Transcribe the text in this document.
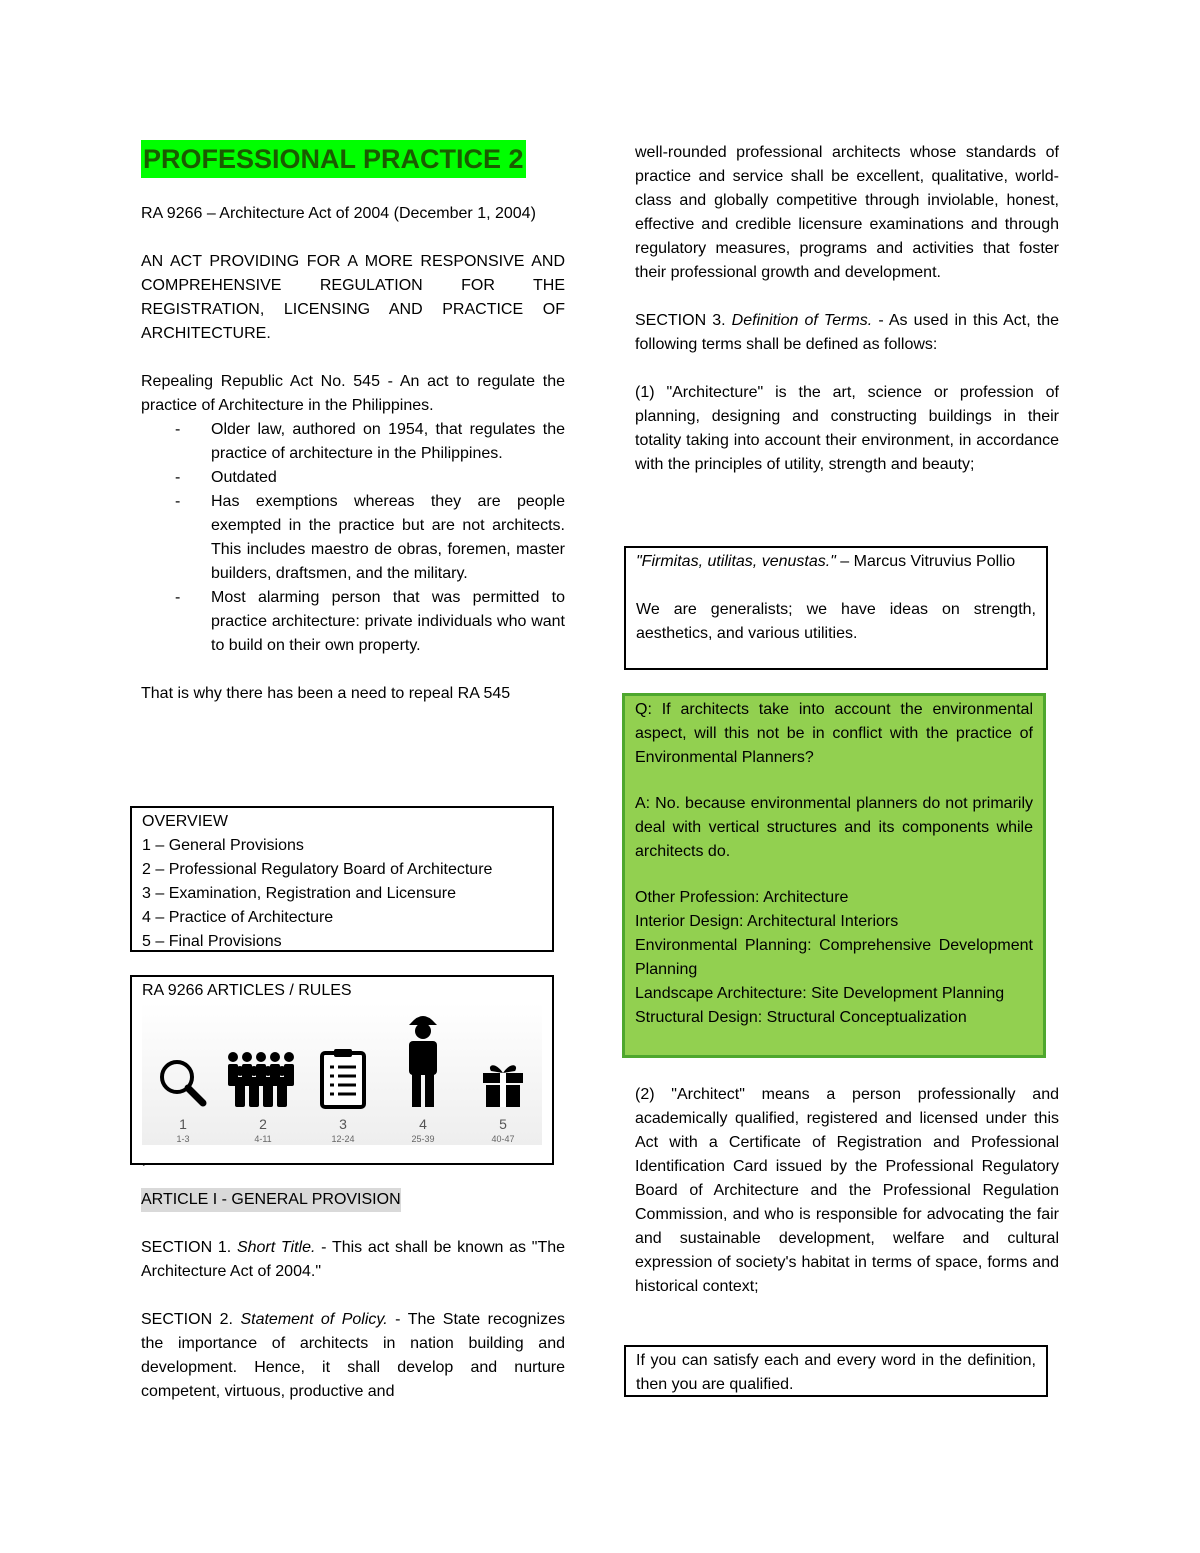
PROFESSIONAL PRACTICE 2

RA 9266 – Architecture Act of 2004 (December 1, 2004)

AN ACT PROVIDING FOR A MORE RESPONSIVE AND COMPREHENSIVE REGULATION FOR THE REGISTRATION, LICENSING AND PRACTICE OF ARCHITECTURE.

Repealing Republic Act No. 545 - An act to regulate the practice of Architecture in the Philippines.

- Older law, authored on 1954, that regulates the practice of architecture in the Philippines.
- Outdated
- Has exemptions whereas they are people exempted in the practice but are not architects. This includes maestro de obras, foremen, master builders, draftsmen, and the military.
- Most alarming person that was permitted to practice architecture: private individuals who want to build on their own property.

That is why there has been a need to repeal RA 545

OVERVIEW
1 – General Provisions
2 – Professional Regulatory Board of Architecture
3 – Examination, Registration and Licensure
4 – Practice of Architecture
5 – Final Provisions
RA 9266 ARTICLES / RULES
1
1-3
2
4-11
3
12-24
4
25-39
5
40-47
`

ARTICLE I - GENERAL PROVISION

SECTION 1. Short Title. - This act shall be known as "The Architecture Act of 2004."

SECTION 2. Statement of Policy. - The State recognizes the importance of architects in nation building and development. Hence, it shall develop and nurture competent, virtuous, productive and

well-rounded professional architects whose standards of practice and service shall be excellent, qualitative, world-class and globally competitive through inviolable, honest, effective and credible licensure examinations and through regulatory measures, programs and activities that foster their professional growth and development.

SECTION 3. Definition of Terms. - As used in this Act, the following terms shall be defined as follows:

(1) "Architecture" is the art, science or profession of planning, designing and constructing buildings in their totality taking into account their environment, in accordance with the principles of utility, strength and beauty;

"Firmitas, utilitas, venustas." – Marcus Vitruvius Pollio

We are generalists; we have ideas on strength, aesthetics, and various utilities.

Q: If architects take into account the environmental aspect, will this not be in conflict with the practice of Environmental Planners?

A: No. because environmental planners do not primarily deal with vertical structures and its components while architects do.

Other Profession: Architecture

Interior Design: Architectural Interiors

Environmental Planning: Comprehensive Development Planning

Landscape Architecture: Site Development Planning

Structural Design: Structural Conceptualization

(2) "Architect" means a person professionally and academically qualified, registered and licensed under this Act with a Certificate of Registration and Professional Identification Card issued by the Professional Regulatory Board of Architecture and the Professional Regulation Commission, and who is responsible for advocating the fair and sustainable development, welfare and cultural expression of society's habitat in terms of space, forms and historical context;

If you can satisfy each and every word in the definition, then you are qualified.
